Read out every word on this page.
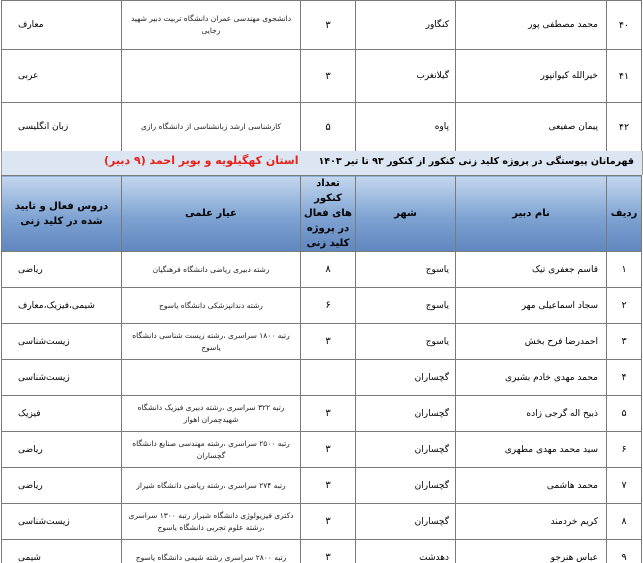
۴۰	محمد مصطفی پور	کنگاور	۳	دانشجوی مهندسی عمران دانشگاه تربیت دبیر شهید رجایی	معارف
۴۱	خیرالله کیوانپور	گیلانغرب	۳		عربی
۴۲	پیمان صفیعی	پاوه	۵	کارشناسی ارشد زبانشناسی از دانشگاه رازی	زبان انگلیسی
قهرمانان پیوستگی در پروژه کلید زنی کنکور از کنکور ۹۳ تا تیر ۱۴۰۳
استان کهگیلویه و بویر احمد (۹ دبیر)
ردیف	نام دبیر	شهر	تعداد کنکور های فعال در پروژه کلید زنی	عیار علمی	دروس فعال و تایید شده در کلید زنی
۱	قاسم جعفری تیک	یاسوج	۸	رشته دبیری ریاضی دانشگاه فرهنگیان	ریاضی
۲	سجاد اسماعیلی مهر	یاسوج	۶	رشته دندانپزشکی دانشگاه یاسوج	شیمی،فیزیک،معارف
۳	احمدرضا فرح بخش	یاسوج	۳	رتبه ۱۸۰۰ سراسری ،رشته زیست شناسی دانشگاه یاسوج	زیست‌شناسی
۴	محمد مهدی خادم بشیری	گچساران			زیست‌شناسی
۵	ذبیح اله گرجی زاده	گچساران	۳	رتبه ۳۲۲ سراسری ،رشته دبیری فیزیک دانشگاه شهیدچمران اهواز	فیزیک
۶	سید محمد مهدی مطهری	گچساران	۳	رتبه ۲۵۰۰ سراسری ،رشته مهندسی صنایع دانشگاه گچساران	ریاضی
۷	محمد هاشمی	گچساران	۳	رتبه ۲۷۴ سراسری ،رشته ریاضی دانشگاه شیراز	ریاضی
۸	کریم خردمند	گچساران	۳	دکتری فیزیولوژی دانشگاه شیراز رتبه ۱۳۰۰ سراسری ،رشته علوم تجربی دانشگاه یاسوج	زیست‌شناسی
۹	عباس هنرجو	دهدشت	۳	رتبه ۲۸۰۰ سراسری رشته شیمی دانشگاه یاسوج	شیمی
